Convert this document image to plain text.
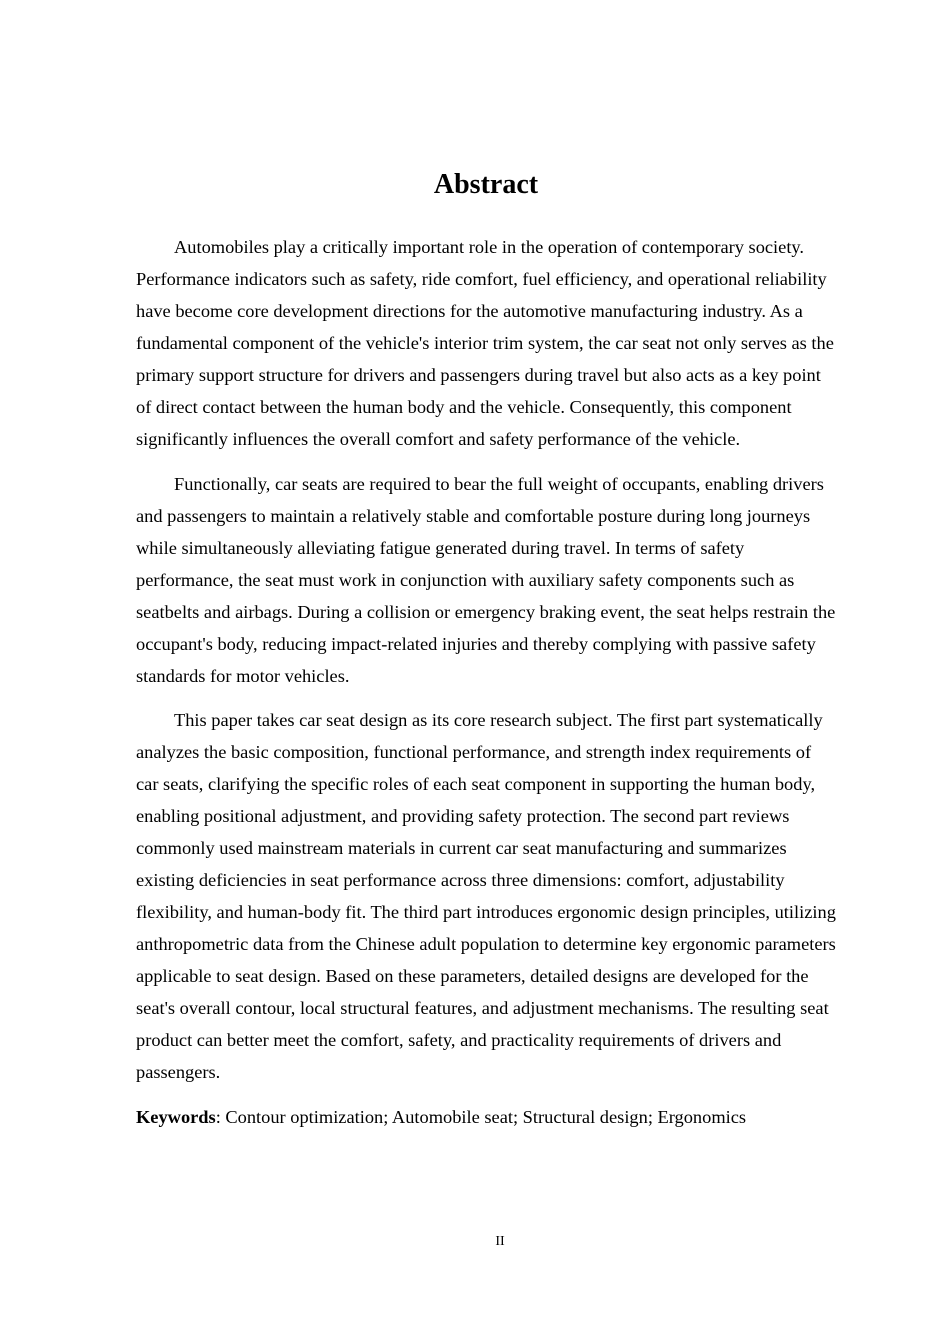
Abstract

Automobiles play a critically important role in the operation of contemporary society. Performance indicators such as safety, ride comfort, fuel efficiency, and operational reliability have become core development directions for the automotive manufacturing industry. As a fundamental component of the vehicle's interior trim system, the car seat not only serves as the primary support structure for drivers and passengers during travel but also acts as a key point of direct contact between the human body and the vehicle. Consequently, this component significantly influences the overall comfort and safety performance of the vehicle.

Functionally, car seats are required to bear the full weight of occupants, enabling drivers and passengers to maintain a relatively stable and comfortable posture during long journeys while simultaneously alleviating fatigue generated during travel. In terms of safety performance, the seat must work in conjunction with auxiliary safety components such as seatbelts and airbags. During a collision or emergency braking event, the seat helps restrain the occupant's body, reducing impact-related injuries and thereby complying with passive safety standards for motor vehicles.

This paper takes car seat design as its core research subject. The first part systematically analyzes the basic composition, functional performance, and strength index requirements of car seats, clarifying the specific roles of each seat component in supporting the human body, enabling positional adjustment, and providing safety protection. The second part reviews commonly used mainstream materials in current car seat manufacturing and summarizes existing deficiencies in seat performance across three dimensions: comfort, adjustability flexibility, and human-body fit. The third part introduces ergonomic design principles, utilizing anthropometric data from the Chinese adult population to determine key ergonomic parameters applicable to seat design. Based on these parameters, detailed designs are developed for the seat's overall contour, local structural features, and adjustment mechanisms. The resulting seat product can better meet the comfort, safety, and practicality requirements of drivers and passengers.

Keywords: Contour optimization; Automobile seat; Structural design; Ergonomics

II
